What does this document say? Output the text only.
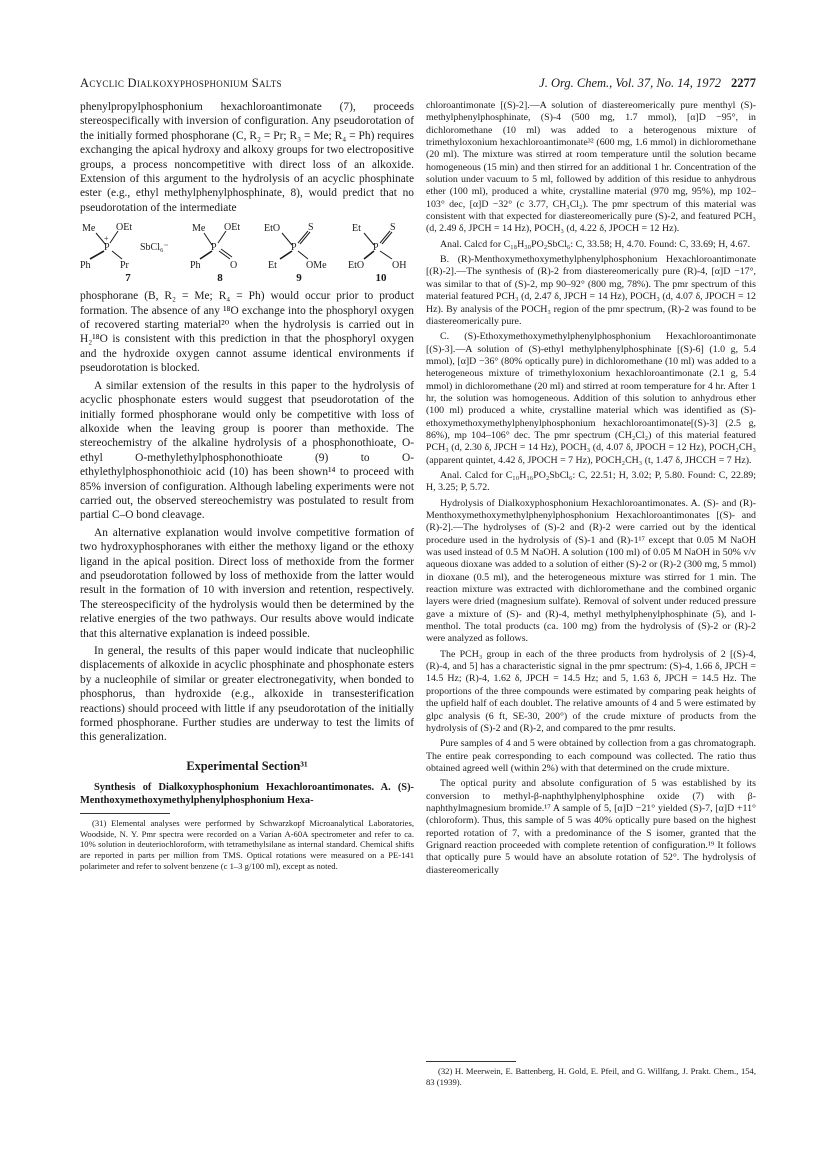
Acyclic Dialkoxyphosphonium Salts	J. Org. Chem., Vol. 37, No. 14, 1972 2277

phenylpropylphosphonium hexachloroantimonate (7), proceeds stereospecifically with inversion of configuration. Any pseudorotation of the initially formed phosphorane (C, R₂ = Pr; R₃ = Me; R₄ = Ph) requires exchanging the apical hydroxy and alkoxy groups for two electropositive groups, a process noncompetitive with direct loss of an alkoxide. Extension of this argument to the hydrolysis of an acyclic phosphinate ester (e.g., ethyl methylphenylphosphinate, 8), would predict that no pseudorotation of the intermediate

Me OEt
P
+
Ph	Pr
SbCl₆⁻
7
Me OEt
P
Ph	O
8
EtO	S
P
Et	OMe
9
Et	S
P
EtO	OH
10

phosphorane (B, R₂ = Me; R₄ = Ph) would occur prior to product formation. The absence of any ¹⁸O exchange into the phosphoryl oxygen of recovered starting material²⁰ when the hydrolysis is carried out in H₂¹⁸O is consistent with this prediction in that the phosphoryl oxygen and the hydroxide oxygen cannot assume identical environments if pseudorotation is blocked.

A similar extension of the results in this paper to the hydrolysis of acyclic phosphonate esters would suggest that pseudorotation of the initially formed phosphorane would only be competitive with loss of alkoxide when the leaving group is poorer than methoxide. The stereochemistry of the alkaline hydrolysis of a phosphonothioate, O-ethyl O-methylethylphosphonothioate (9) to O-ethylethylphosphonothioic acid (10) has been shown¹⁴ to proceed with 85% inversion of configuration. Although labeling experiments were not carried out, the observed stereochemistry was postulated to result from partial C–O bond cleavage.

An alternative explanation would involve competitive formation of two hydroxyphosphoranes with either the methoxy ligand or the ethoxy ligand in the apical position. Direct loss of methoxide from the former and pseudorotation followed by loss of methoxide from the latter would result in the formation of 10 with inversion and retention, respectively. The stereospecificity of the hydrolysis would then be determined by the relative energies of the two pathways. Our results above would indicate that this alternative explanation is indeed possible.

In general, the results of this paper would indicate that nucleophilic displacements of alkoxide in acyclic phosphinate and phosphonate esters by a nucleophile of similar or greater electronegativity, when bonded to phosphorus, than hydroxide (e.g., alkoxide in transesterification reactions) should proceed with little if any pseudorotation of the initially formed phosphorane. Further studies are underway to test the limits of this generalization.

Experimental Section³¹

Synthesis of Dialkoxyphosphonium Hexachloroantimonates. A. (S)-Menthoxymethoxymethylphenylphosphonium Hexa-

(31) Elemental analyses were performed by Schwarzkopf Microanalytical Laboratories, Woodside, N. Y. Pmr spectra were recorded on a Varian A-60A spectrometer and refer to ca. 10% solution in deuteriochloroform, with tetramethylsilane as internal standard. Chemical shifts are reported in parts per million from TMS. Optical rotations were measured on a PE-141 polarimeter and refer to solvent benzene (c 1–3 g/100 ml), except as noted.

chloroantimonate [(S)-2].—A solution of diastereomerically pure menthyl (S)-methylphenylphosphinate, (S)-4 (500 mg, 1.7 mmol), [α]D −95°, in dichloromethane (10 ml) was added to a heterogenous mixture of trimethyloxonium hexachloroantimonate³² (600 mg, 1.6 mmol) in dichloromethane (20 ml). The mixture was stirred at room temperature until the solution became homogeneous (15 min) and then stirred for an additional 1 hr. Concentration of the solution under vacuum to 5 ml, followed by addition of this residue to anhydrous ether (100 ml), produced a white, crystalline material (970 mg, 95%), mp 102–103° dec, [α]D −32° (c 3.77, CH₃Cl₂). The pmr spectrum of this material was consistent with that expected for diastereomerically pure (S)-2, and featured PCH₃ (d, 2.49 δ, JPCH = 14 Hz), POCH₃ (d, 4.22 δ, JPOCH = 12 Hz).

Anal. Calcd for C₁₈H₃₀PO₂SbCl₆: C, 33.58; H, 4.70. Found: C, 33.69; H, 4.67.

B. (R)-Menthoxymethoxymethylphenylphosphonium Hexachloroantimonate [(R)-2].—The synthesis of (R)-2 from diastereomerically pure (R)-4, [α]D −17°, was similar to that of (S)-2, mp 90–92° (800 mg, 78%). The pmr spectrum of this material featured PCH₃ (d, 2.47 δ, JPCH = 14 Hz), POCH₃ (d, 4.07 δ, JPOCH = 12 Hz). By analysis of the POCH₃ region of the pmr spectrum, (R)-2 was found to be diastereomerically pure.

C. (S)-Ethoxymethoxymethylphenylphosphonium Hexachloroantimonate [(S)-3].—A solution of (S)-ethyl methylphenylphosphinate [(S)-6] (1.0 g, 5.4 mmol), [α]D −36° (80% optically pure) in dichloromethane (10 ml) was added to a heterogeneous mixture of trimethyloxonium hexachloroantimonate (2.1 g, 5.4 mmol) in dichloromethane (20 ml) and stirred at room temperature for 4 hr. After 1 hr, the solution was homogeneous. Addition of this solution to anhydrous ether (100 ml) produced a white, crystalline material which was identified as (S)-ethoxymethoxymethylphenylphosphonium hexachloroantimonate[(S)-3] (2.5 g, 86%), mp 104–106° dec. The pmr spectrum (CH₂Cl₂) of this material featured PCH₃ (d, 2.30 δ, JPCH = 14 Hz), POCH₃ (d, 4.07 δ, JPOCH = 12 Hz), POCH₂CH₃ (apparent quintet, 4.42 δ, JPOCH = 7 Hz), POCH₂CH₃ (t, 1.47 δ, JHCCH = 7 Hz).

Anal. Calcd for C₁₀H₁₆PO₂SbCl₆: C, 22.51; H, 3.02; P, 5.80. Found: C, 22.89; H, 3.25; P, 5.72.

Hydrolysis of Dialkoxyphosphonium Hexachloroantimonates. A. (S)- and (R)-Menthoxymethoxymethylphenylphosphonium Hexachloroantimonates [(S)- and (R)-2].—The hydrolyses of (S)-2 and (R)-2 were carried out by the identical procedure used in the hydrolysis of (S)-1 and (R)-1¹⁷ except that 0.05 M NaOH was used instead of 0.5 M NaOH. A solution (100 ml) of 0.05 M NaOH in 50% v/v aqueous dioxane was added to a solution of either (S)-2 or (R)-2 (300 mg, 5 mmol) in dioxane (0.5 ml), and the heterogeneous mixture was stirred for 1 min. The reaction mixture was extracted with dichloromethane and the combined organic layers were dried (magnesium sulfate). Removal of solvent under reduced pressure gave a mixture of (S)- and (R)-4, methyl methylphenylphosphinate (5), and l-menthol. The total products (ca. 100 mg) from the hydrolysis of (S)-2 or (R)-2 were analyzed as follows.

The PCH₃ group in each of the three products from hydrolysis of 2 [(S)-4, (R)-4, and 5] has a characteristic signal in the pmr spectrum: (S)-4, 1.66 δ, JPCH = 14.5 Hz; (R)-4, 1.62 δ, JPCH = 14.5 Hz; and 5, 1.63 δ, JPCH = 14.5 Hz. The proportions of the three compounds were estimated by comparing peak heights of the upfield half of each doublet. The relative amounts of 4 and 5 were estimated by glpc analysis (6 ft, SE-30, 200°) of the crude mixture of products from the hydrolysis of (S)-2 and (R)-2, and compared to the pmr results.

Pure samples of 4 and 5 were obtained by collection from a gas chromatograph. The entire peak corresponding to each compound was collected. The ratio thus obtained agreed well (within 2%) with that determined on the crude mixture.

The optical purity and absolute configuration of 5 was established by its conversion to methyl-β-naphthylphenylphosphine oxide (7) with β-naphthylmagnesium bromide.¹⁷ A sample of 5, [α]D −21° yielded (S)-7, [α]D +11° (chloroform). Thus, this sample of 5 was 40% optically pure based on the highest reported rotation of 7, with a predominance of the S isomer, granted that the Grignard reaction proceeded with complete retention of configuration.¹⁹ It follows that optically pure 5 would have an absolute rotation of 52°. The hydrolysis of diastereomerically

(32) H. Meerwein, E. Battenberg, H. Gold, E. Pfeil, and G. Willfang, J. Prakt. Chem., 154, 83 (1939).
